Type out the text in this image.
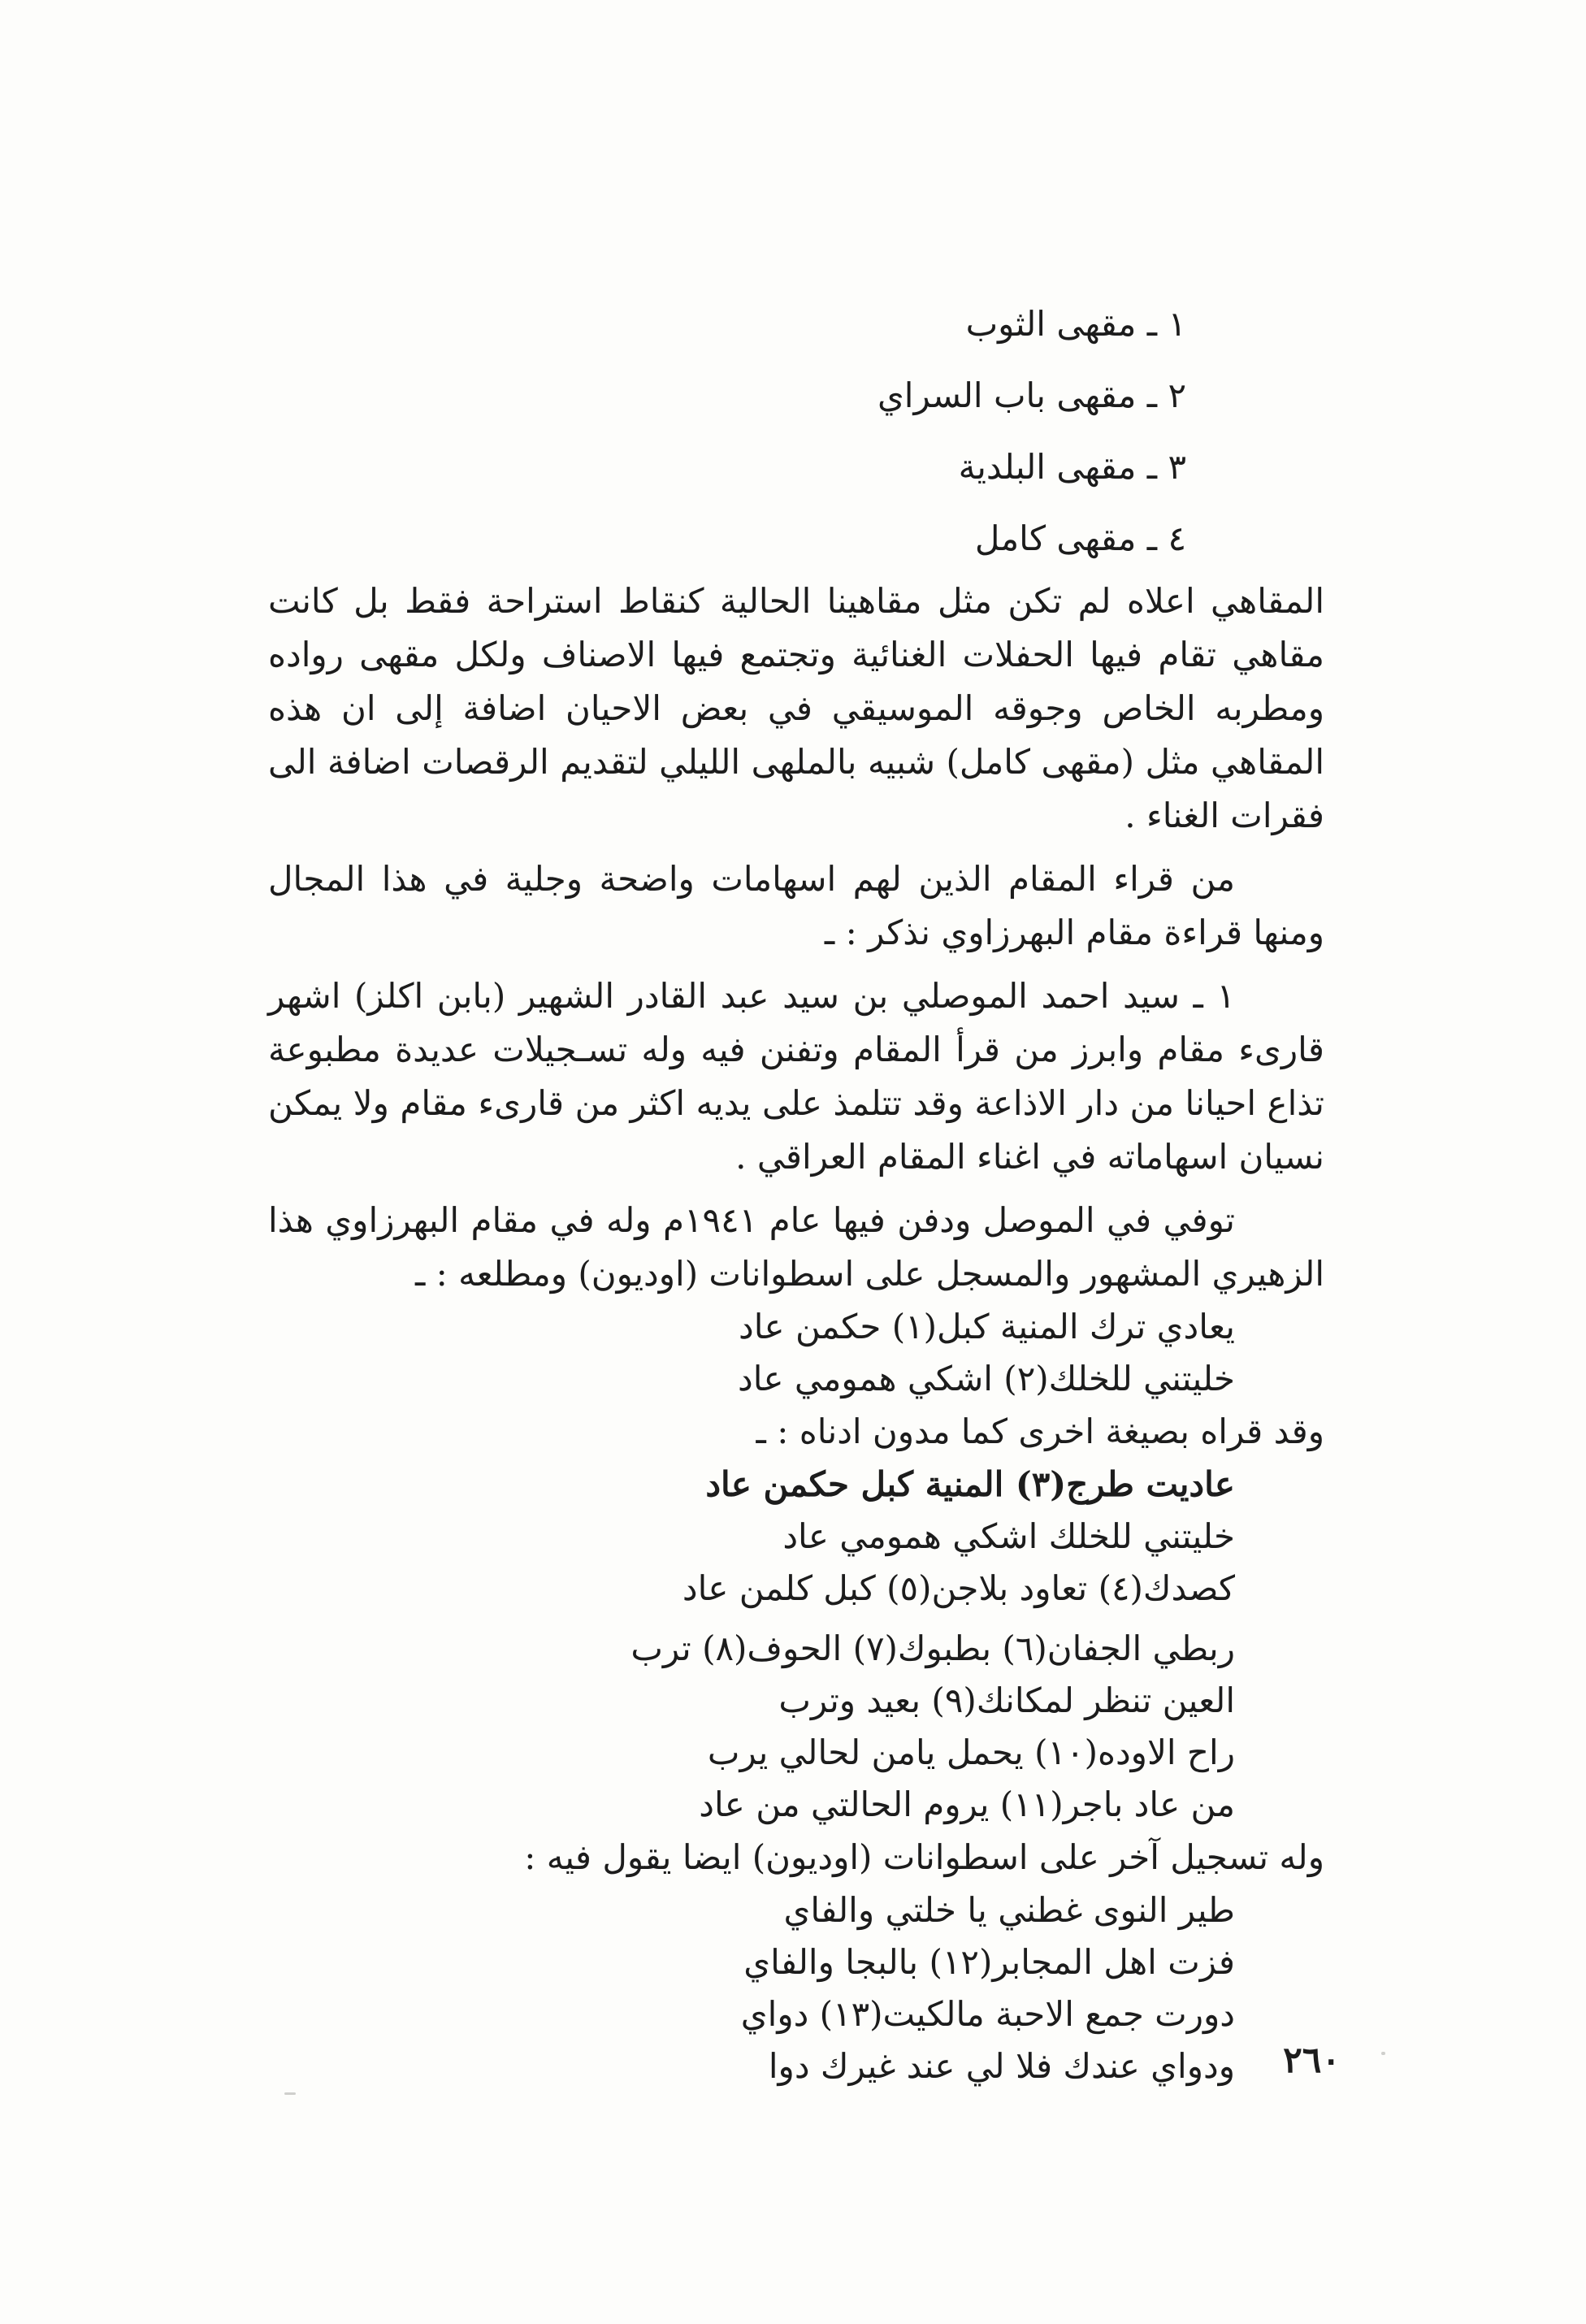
١ ـ مقهى الثوب

٢ ـ مقهى باب السراي

٣ ـ مقهى البلدية

٤ ـ مقهى كامل

المقاهي اعلاه لم تكن مثل مقاهينا الحالية كنقاط استراحة فقط بل كانت مقاهي تقام فيها الحفلات الغنائية وتجتمع فيها الاصناف ولكل مقهى رواده ومطربه الخاص وجوقه الموسيقي في بعض الاحيان اضافة إلى ان هذه المقاهي مثل (مقهى كامل) شبيه بالملهى الليلي لتقديم الرقصات اضافة الى فقرات الغناء .

من قراء المقام الذين لهم اسهامات واضحة وجلية في هذا المجال ومنها قراءة مقام البهرزاوي نذكر : ـ

١ ـ سيد احمد الموصلي بن سيد عبد القادر الشهير (بابن اكلز) اشهر قارىء مقام وابرز من قرأ المقام وتفنن فيه وله تسـجيلات عديدة مطبوعة تذاع احيانا من دار الاذاعة وقد تتلمذ على يديه اكثر من قارىء مقام ولا يمكن نسيان اسهاماته في اغناء المقام العراقي .

توفي في الموصل ودفن فيها عام ١٩٤١م وله في مقام البهرزاوي هذا الزهيري المشهور والمسجل على اسطوانات (اوديون) ومطلعه : ـ

يعادي ترك المنية كبل(١) حكمن عاد
خليتني للخلك(٢) اشكي همومي عاد

وقد قراه بصيغة اخرى كما مدون ادناه : ـ

عاديت طرج(٣) المنية كبل حكمن عاد
خليتني للخلك اشكي همومي عاد
كصدك(٤) تعاود بلاجن(٥) كبل كلمن عاد
ربطي الجفان(٦) بطبوك(٧) الحوف(٨) ترب
العين تنظر لمكانك(٩) بعيد وترب
راح الاوده(١٠) يحمل يامن لحالي يرب
من عاد باجر(١١) يروم الحالتي من عاد

وله تسجيل آخر على اسطوانات (اوديون) ايضا يقول فيه :

طير النوى غطني يا خلتي والفاي
فزت اهل المجابر(١٢) بالبجا والفاي
دورت جمع الاحبة مالكيت(١٣) دواي
ودواي عندك فلا لي عند غيرك دوا	٢٦٠
